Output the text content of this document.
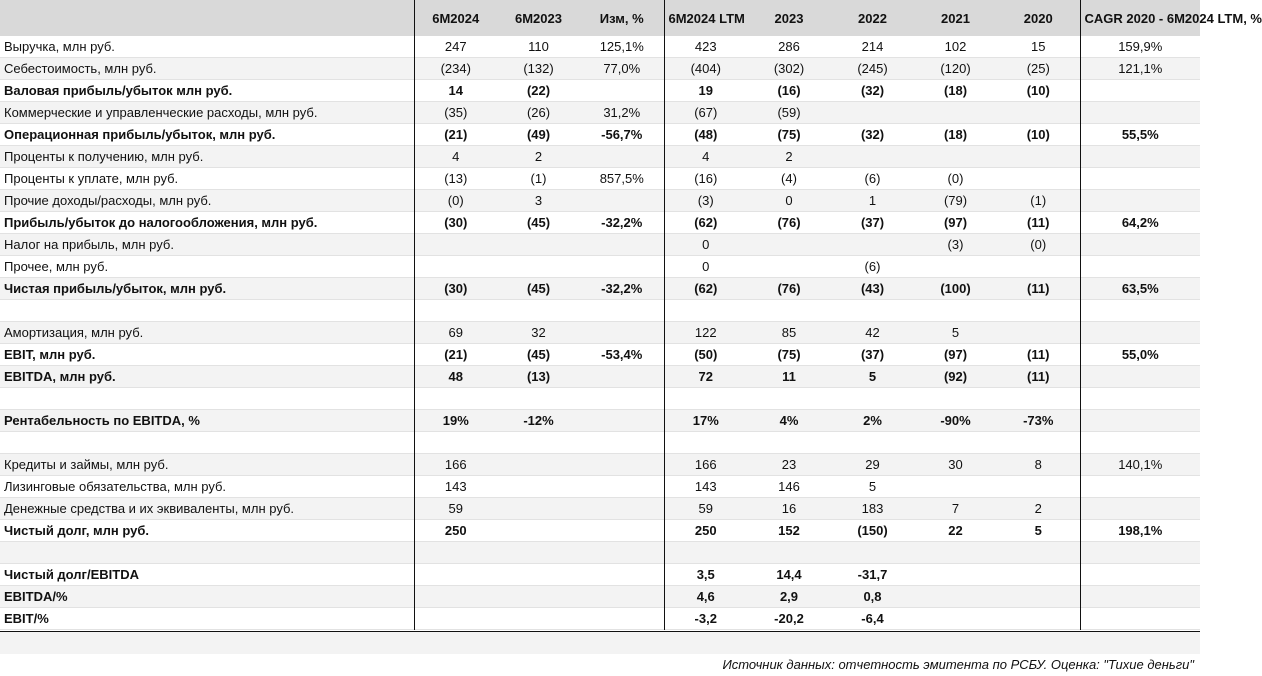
	6M2024	6M2023	Изм, %	6M2024 LTM	2023	2022	2021	2020	CAGR 2020 - 6M2024 LTM, %
Выручка, млн руб.	247	110	125,1%	423	286	214	102	15	159,9%
Себестоимость, млн руб.	(234)	(132)	77,0%	(404)	(302)	(245)	(120)	(25)	121,1%
Валовая прибыль/убыток млн руб.	14	(22)		19	(16)	(32)	(18)	(10)	
Коммерческие и управленческие расходы, млн руб.	(35)	(26)	31,2%	(67)	(59)				
Операционная прибыль/убыток, млн руб.	(21)	(49)	-56,7%	(48)	(75)	(32)	(18)	(10)	55,5%
Проценты к получению, млн руб.	4	2		4	2				
Проценты к уплате, млн руб.	(13)	(1)	857,5%	(16)	(4)	(6)	(0)		
Прочие доходы/расходы, млн руб.	(0)	3		(3)	0	1	(79)	(1)	
Прибыль/убыток до налогообложения, млн руб.	(30)	(45)	-32,2%	(62)	(76)	(37)	(97)	(11)	64,2%
Налог на прибыль, млн руб.				0			(3)	(0)	
Прочее, млн руб.				0		(6)			
Чистая прибыль/убыток, млн руб.	(30)	(45)	-32,2%	(62)	(76)	(43)	(100)	(11)	63,5%

Амортизация, млн руб.	69	32		122	85	42	5		
EBIT, млн руб.	(21)	(45)	-53,4%	(50)	(75)	(37)	(97)	(11)	55,0%
EBITDA, млн руб.	48	(13)		72	11	5	(92)	(11)	

Рентабельность по EBITDA, %	19%	-12%		17%	4%	2%	-90%	-73%	

Кредиты и займы, млн руб.	166			166	23	29	30	8	140,1%
Лизинговые обязательства, млн руб.	143			143	146	5			
Денежные средства и их эквиваленты, млн руб.	59			59	16	183	7	2	
Чистый долг, млн руб.	250			250	152	(150)	22	5	198,1%

Чистый долг/EBITDA				3,5	14,4	-31,7			
EBITDA/%				4,6	2,9	0,8			
EBIT/%				-3,2	-20,2	-6,4			
Источник данных: отчетность эмитента по РСБУ. Оценка: "Тихие деньги"
